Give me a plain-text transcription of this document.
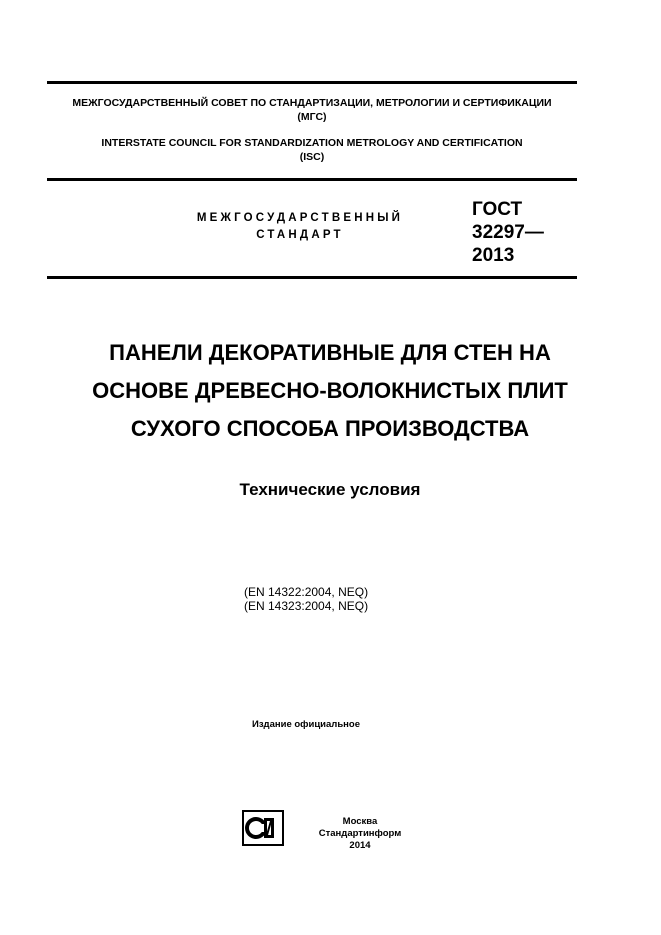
МЕЖГОСУДАРСТВЕННЫЙ СОВЕТ ПО СТАНДАРТИЗАЦИИ, МЕТРОЛОГИИ И СЕРТИФИКАЦИИ
(МГС)
INTERSTATE COUNCIL FOR STANDARDIZATION METROLOGY AND CERTIFICATION
(ISC)
МЕЖГОСУДАРСТВЕННЫЙ
СТАНДАРТ
ГОСТ
32297—
2013
ПАНЕЛИ ДЕКОРАТИВНЫЕ ДЛЯ СТЕН НА
ОСНОВЕ ДРЕВЕСНО-ВОЛОКНИСТЫХ ПЛИТ
СУХОГО СПОСОБА ПРОИЗВОДСТВА
Технические условия
(EN 14322:2004, NEQ)
(EN 14323:2004, NEQ)
Издание официальное
Москва
Стандартинформ
2014
